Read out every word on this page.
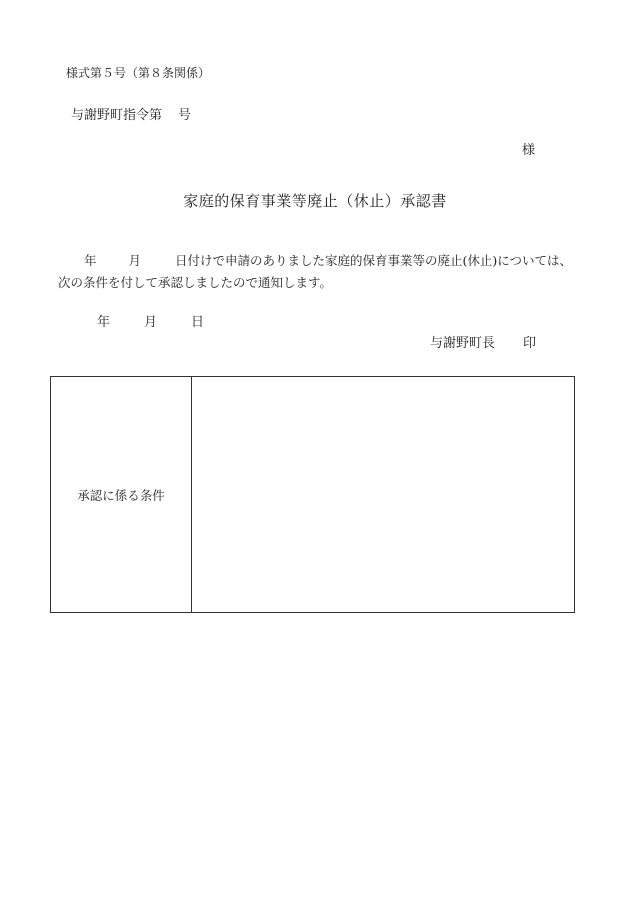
様式第５号（第８条関係）
与謝野町指令第 号
様
家庭的保育事業等廃止（休止）承認書
年	月	日付けで申請のありました家庭的保育事業等の廃止(休止)については、
次の条件を付して承認しましたので通知します。
年	月	日
与謝野町長 印
承認に係る条件
